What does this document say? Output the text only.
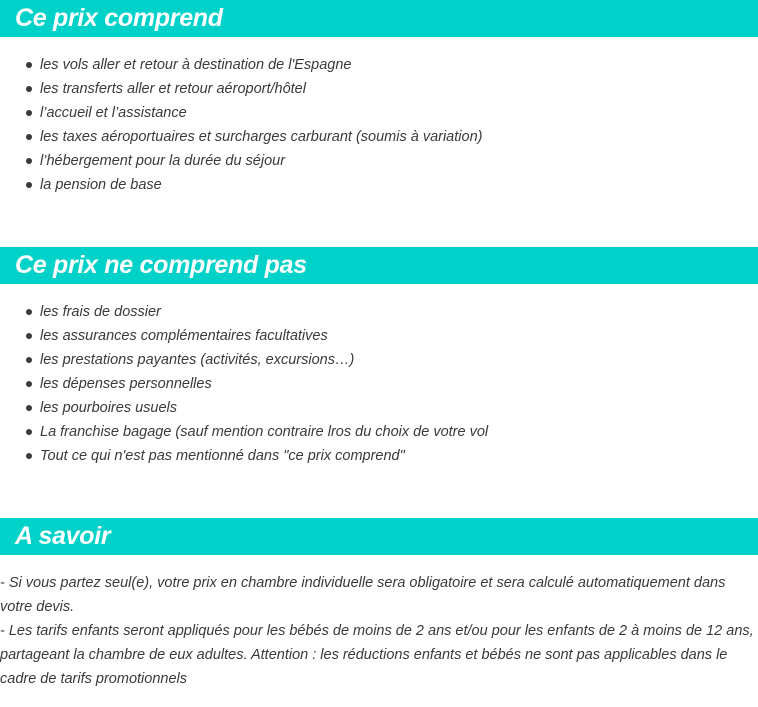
Ce prix comprend
les vols aller et retour à destination de l'Espagne
les transferts aller et retour aéroport/hôtel
l’accueil et l’assistance
les taxes aéroportuaires et surcharges carburant (soumis à variation)
l’hébergement pour la durée du séjour
la pension de base
Ce prix ne comprend pas
les frais de dossier
les assurances complémentaires facultatives
les prestations payantes (activités, excursions…)
les dépenses personnelles
les pourboires usuels
La franchise bagage (sauf mention contraire lros du choix de votre vol
Tout ce qui n'est pas mentionné dans "ce prix comprend"
A savoir

- Si vous partez seul(e), votre prix en chambre individuelle sera obligatoire et sera calculé automatiquement dans votre devis.

- Les tarifs enfants seront appliqués pour les bébés de moins de 2 ans et/ou pour les enfants de 2 à moins de 12 ans, partageant la chambre de eux adultes. Attention : les réductions enfants et bébés ne sont pas applicables dans le cadre de tarifs promotionnels
